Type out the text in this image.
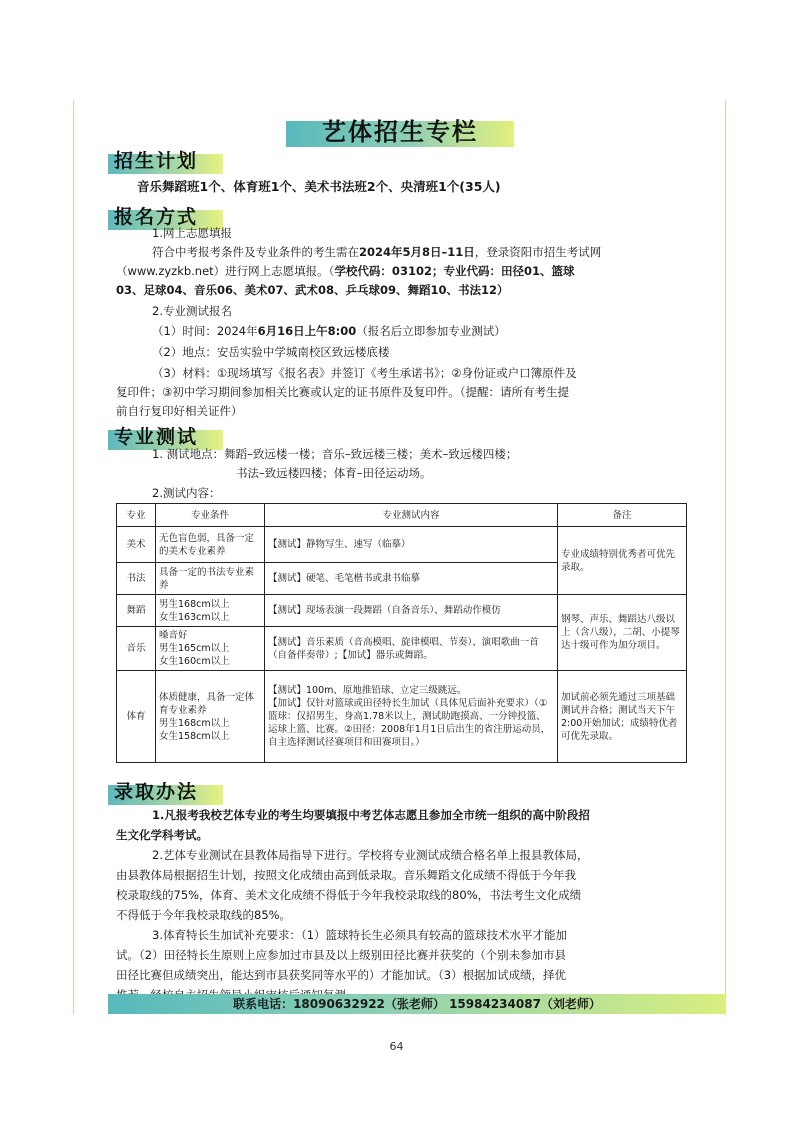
艺体招生专栏
招生计划
音乐舞蹈班1个、体育班1个、美术书法班2个、央清班1个(35人)
报名方式
1.网上志愿填报
符合中考报考条件及专业条件的考生需在2024年5月8日–11日，登录资阳市招生考试网
（www.zyzkb.net）进行网上志愿填报。（学校代码：03102；专业代码：田径01、篮球
03、足球04、音乐06、美术07、武术08、乒乓球09、舞蹈10、书法12）
2.专业测试报名
（1）时间：2024年6月16日上午8:00（报名后立即参加专业测试）
（2）地点：安岳实验中学城南校区致远楼底楼
（3）材料：①现场填写《报名表》并签订《考生承诺书》；②身份证或户口簿原件及
复印件；③初中学习期间参加相关比赛或认定的证书原件及复印件。（提醒：请所有考生提
前自行复印好相关证件）
专业测试
1. 测试地点：舞蹈–致远楼一楼；音乐–致远楼三楼；美术–致远楼四楼；
书法–致远楼四楼；体育–田径运动场。
2.测试内容：
专业	专业条件	专业测试内容	备注
美术	无色盲色弱，具备一定的美术专业素养	【测试】静物写生、速写（临摹）	专业成绩特别优秀者可优先录取。
书法	具备一定的书法专业素养	【测试】硬笔、毛笔楷书或隶书临摹	
舞蹈	男生168cm以上
女生163cm以上	【测试】现场表演一段舞蹈（自备音乐）、舞蹈动作模仿	钢琴、声乐、舞蹈达八级以上（含八级），二胡、小提琴达十级可作为加分项目。
音乐	嗓音好
男生165cm以上
女生160cm以上	【测试】音乐素质（音高模唱、旋律模唱、节奏）、演唱歌曲一首（自备伴奏带）;【加试】器乐或舞蹈。	
体育	体质健康，具备一定体育专业素养
男生168cm以上
女生158cm以上	【测试】100m、原地推铅球、立定三级跳远。
【加试】仅针对篮球或田径特长生加试（具体见后面补充要求）（①篮球：仅招男生，身高1.78米以上，测试助跑摸高、一分钟投篮、运球上篮、比赛。②田径：2008年1月1日后出生的省注册运动员，自主选择测试径赛项目和田赛项目。）	加试前必须先通过三项基础测试并合格；测试当天下午2:00开始加试；成绩特优者可优先录取。
录取办法
1.凡报考我校艺体专业的考生均要填报中考艺体志愿且参加全市统一组织的高中阶段招
生文化学科考试。
2.艺体专业测试在县教体局指导下进行。学校将专业测试成绩合格名单上报县教体局，
由县教体局根据招生计划，按照文化成绩由高到低录取。音乐舞蹈文化成绩不得低于今年我
校录取线的75%，体育、美术文化成绩不得低于今年我校录取线的80%，书法考生文化成绩
不得低于今年我校录取线的85%。
3.体育特长生加试补充要求：（1）篮球特长生必须具有较高的篮球技术水平才能加
试。（2）田径特长生原则上应参加过市县及以上级别田径比赛并获奖的（个别未参加市县
田径比赛但成绩突出，能达到市县获奖同等水平的）才能加试。（3）根据加试成绩，择优
联系电话：18090632922（张老师） 15984234087（刘老师）
64
